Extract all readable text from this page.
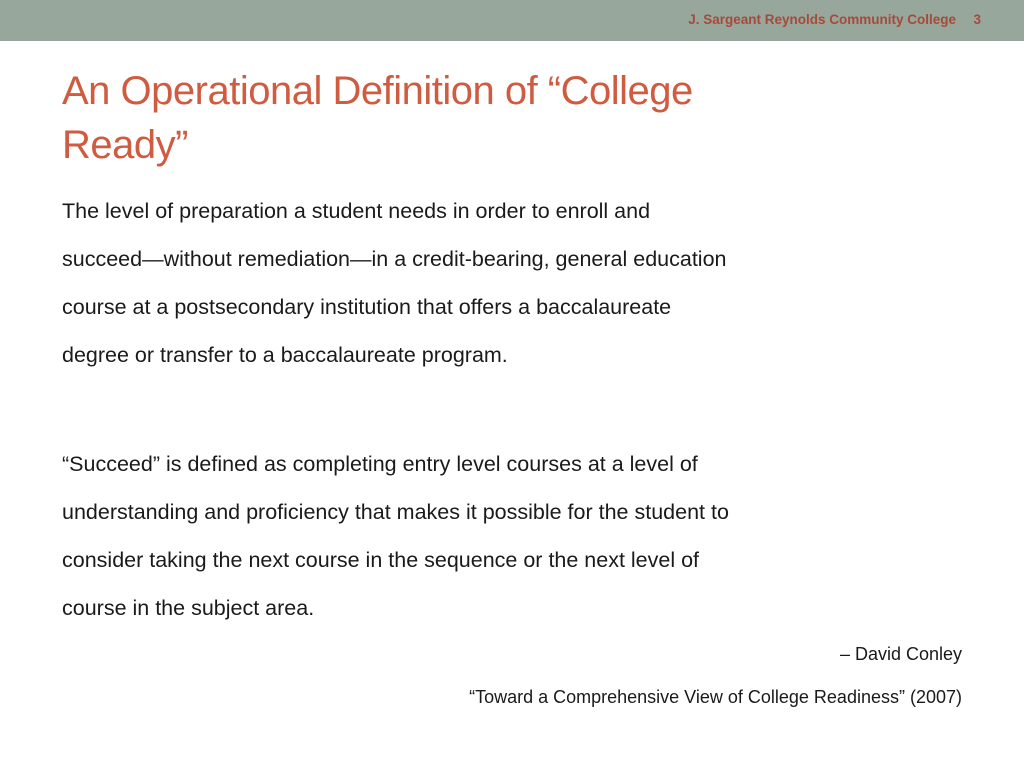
J. Sargeant Reynolds Community College 3
An Operational Definition of “College
Ready”

The level of preparation a student needs in order to enroll and
succeed—without remediation—in a credit-bearing, general education
course at a postsecondary institution that offers a baccalaureate
degree or transfer to a baccalaureate program.

“Succeed” is defined as completing entry level courses at a level of
understanding and proficiency that makes it possible for the student to
consider taking the next course in the sequence or the next level of
course in the subject area.

– David Conley

“Toward a Comprehensive View of College Readiness” (2007)
